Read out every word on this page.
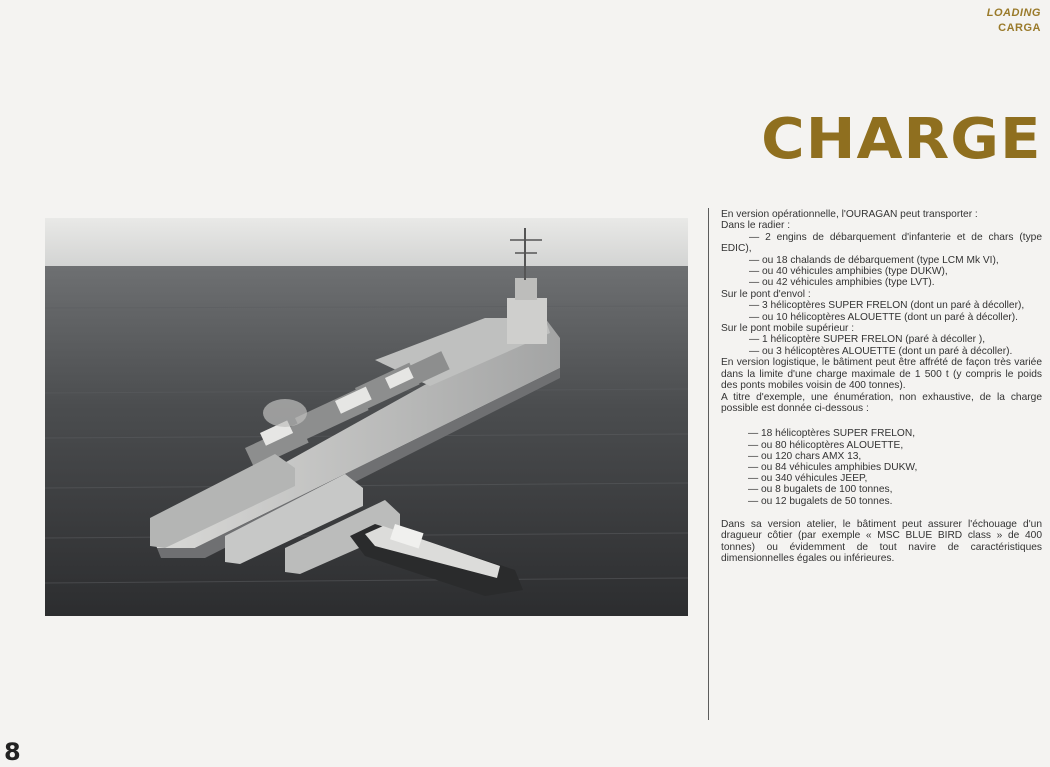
LOADING
CARGA
CHARGE

En version opérationnelle, l'OURAGAN peut transporter :

Dans le radier :

— 2 engins de débarquement d'infanterie et de chars (type EDIC),

— ou 18 chalands de débarquement (type LCM Mk VI),

— ou 40 véhicules amphibies (type DUKW),

— ou 42 véhicules amphibies (type LVT).

Sur le pont d'envol :

— 3 hélicoptères SUPER FRELON (dont un paré à décoller),

— ou 10 hélicoptères ALOUETTE (dont un paré à décoller).

Sur le pont mobile supérieur :

— 1 hélicoptère SUPER FRELON (paré à décoller ),

— ou 3 hélicoptères ALOUETTE (dont un paré à décoller).

En version logistique, le bâtiment peut être affrété de façon très variée dans la limite d'une charge maximale de 1 500 t (y compris le poids des ponts mobiles voisin de 400 tonnes).

A titre d'exemple, une énumération, non exhaustive, de la charge possible est donnée ci-dessous :

— 18 hélicoptères SUPER FRELON,
— ou 80 hélicoptères ALOUETTE,
— ou 120 chars AMX 13,
— ou 84 véhicules amphibies DUKW,
— ou 340 véhicules JEEP,
— ou 8 bugalets de 100 tonnes,
— ou 12 bugalets de 50 tonnes.

Dans sa version atelier, le bâtiment peut assurer l'échouage d'un dragueur côtier (par exemple « MSC BLUE BIRD class » de 400 tonnes) ou évidemment de tout navire de caractéristiques dimensionnelles égales ou inférieures.

8
